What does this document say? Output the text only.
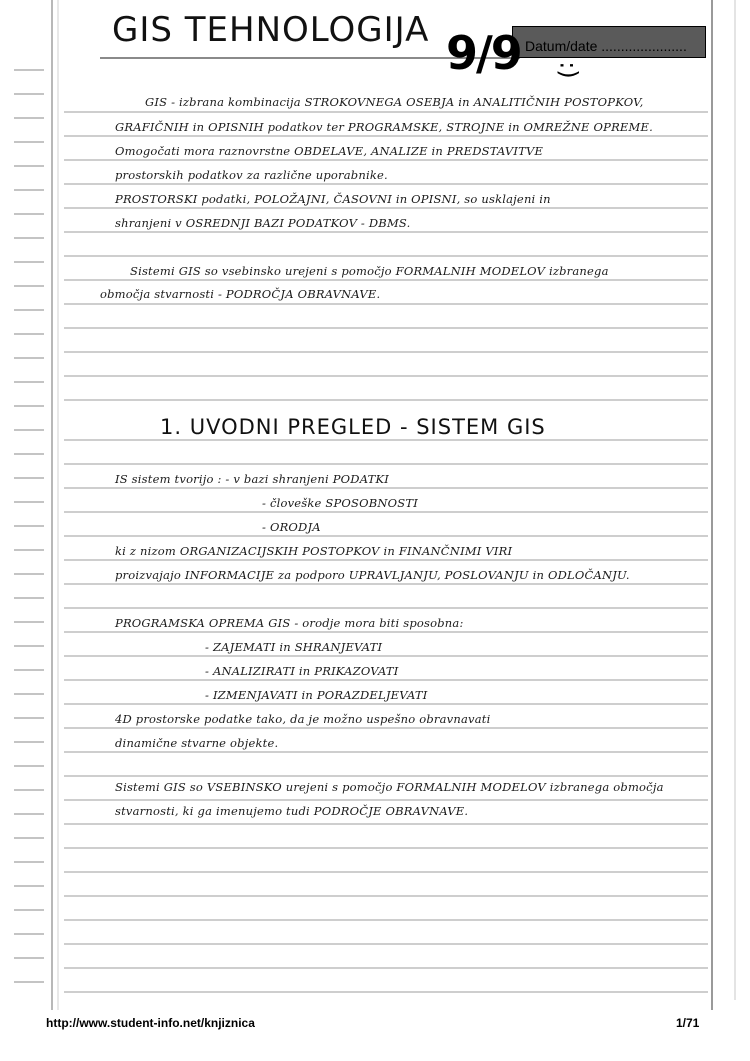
GIS TEHNOLOGIJA	Datum/date ......................
9/9 :)
GIS - izbrana kombinacija STROKOVNEGA OSEBJA in ANALITIČNIH POSTOPKOV,
GRAFIČNIH in OPISNIH podatkov ter PROGRAMSKE, STROJNE in OMREŽNE OPREME.
Omogočati mora raznovrstne OBDELAVE, ANALIZE in PREDSTAVITVE
prostorskih podatkov za različne uporabnike.
PROSTORSKI podatki, POLOŽAJNI, ČASOVNI in OPISNI, so usklajeni in
shranjeni v OSREDNJI BAZI PODATKOV - DBMS.
Sistemi GIS so vsebinsko urejeni s pomočjo FORMALNIH MODELOV izbranega
območja stvarnosti - PODROČJA OBRAVNAVE.
1. UVODNI PREGLED - SISTEM GIS
IS sistem tvorijo : - v bazi shranjeni PODATKI
- človeške SPOSOBNOSTI
- ORODJA
ki z nizom ORGANIZACIJSKIH POSTOPKOV in FINANČNIMI VIRI
proizvajajo INFORMACIJE za podporo UPRAVLJANJU, POSLOVANJU in ODLOČANJU.
PROGRAMSKA OPREMA GIS - orodje mora biti sposobna:
- ZAJEMATI in SHRANJEVATI
- ANALIZIRATI in PRIKAZOVATI
- IZMENJAVATI in PORAZDELJEVATI
4D prostorske podatke tako, da je možno uspešno obravnavati
dinamične stvarne objekte.
Sistemi GIS so VSEBINSKO urejeni s pomočjo FORMALNIH MODELOV izbranega območja
stvarnosti, ki ga imenujemo tudi PODROČJE OBRAVNAVE.
http://www.student-info.net/knjiznica	1/71
